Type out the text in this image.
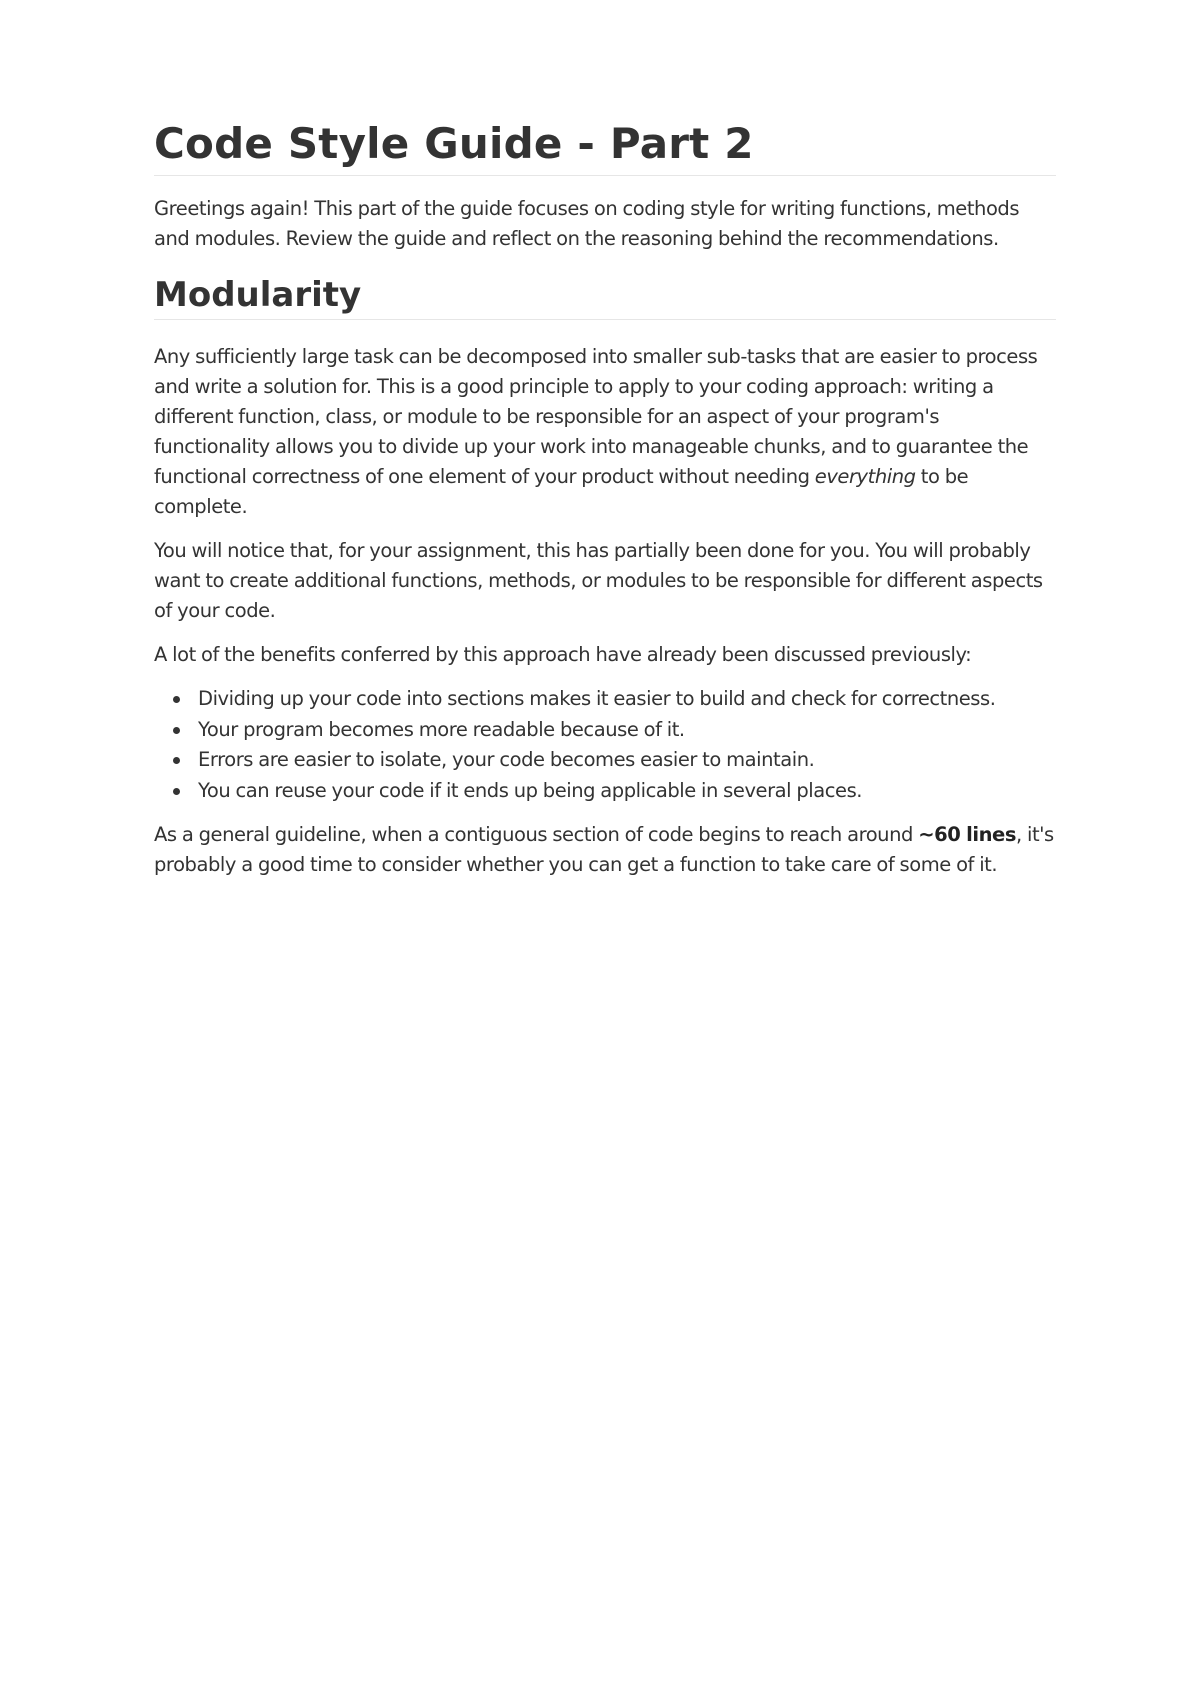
Code Style Guide - Part 2

Greetings again! This part of the guide focuses on coding style for writing functions, methods and modules. Review the guide and reflect on the reasoning behind the recommendations.

Modularity

Any sufficiently large task can be decomposed into smaller sub-tasks that are easier to process and write a solution for. This is a good principle to apply to your coding approach: writing a different function, class, or module to be responsible for an aspect of your program's functionality allows you to divide up your work into manageable chunks, and to guarantee the functional correctness of one element of your product without needing everything to be complete.

You will notice that, for your assignment, this has partially been done for you. You will probably want to create additional functions, methods, or modules to be responsible for different aspects of your code.

A lot of the benefits conferred by this approach have already been discussed previously:

Dividing up your code into sections makes it easier to build and check for correctness.
Your program becomes more readable because of it.
Errors are easier to isolate, your code becomes easier to maintain.
You can reuse your code if it ends up being applicable in several places.

As a general guideline, when a contiguous section of code begins to reach around ~60 lines, it's probably a good time to consider whether you can get a function to take care of some of it.
